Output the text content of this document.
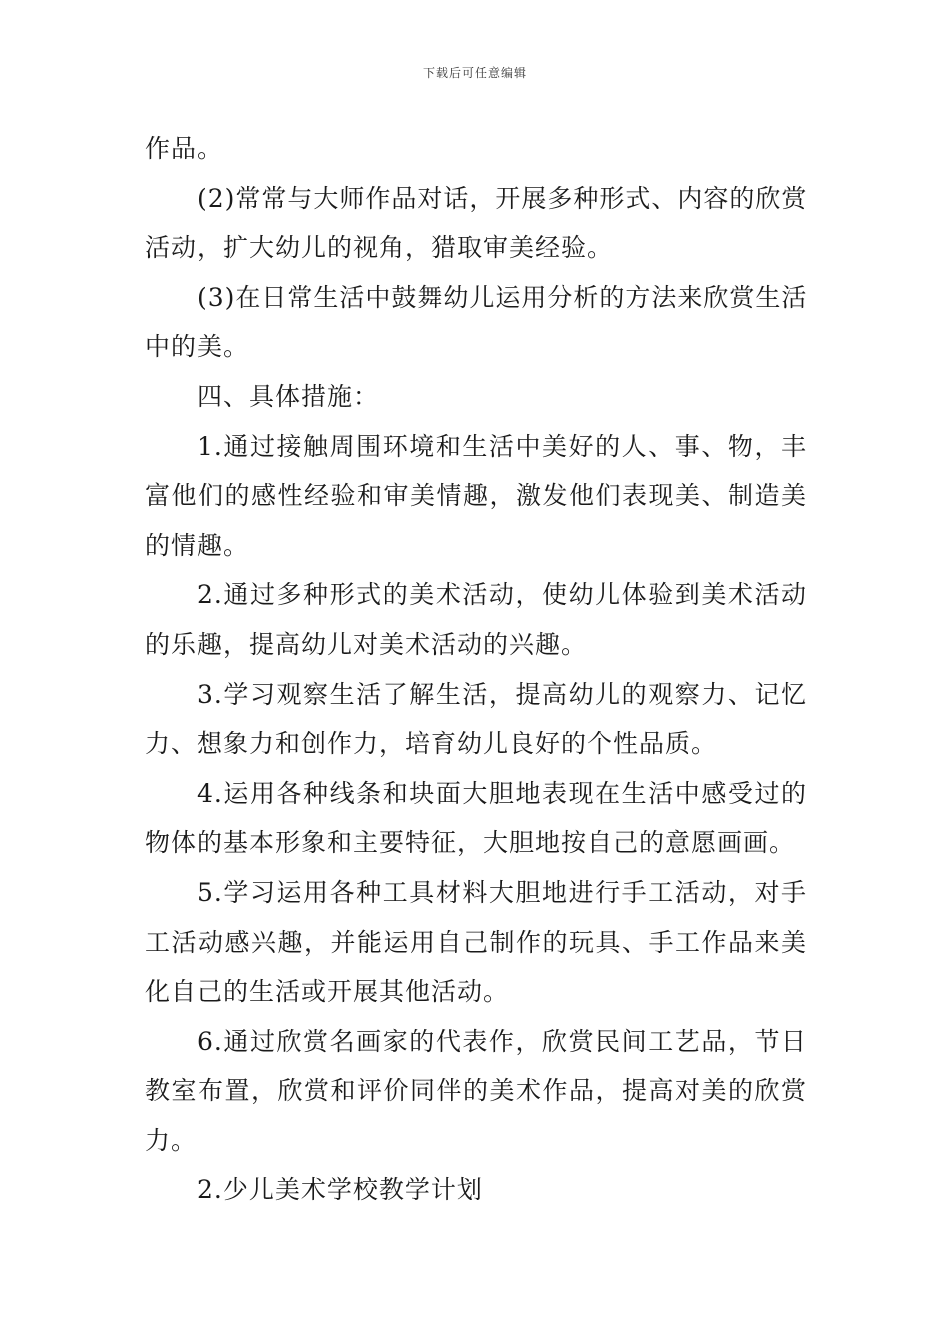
下载后可任意编辑
作品。
(2)常常与大师作品对话，开展多种形式、内容的欣赏
活动，扩大幼儿的视角，猎取审美经验。
(3)在日常生活中鼓舞幼儿运用分析的方法来欣赏生活
中的美。
四、具体措施：
1.通过接触周围环境和生活中美好的人、事、物，丰
富他们的感性经验和审美情趣，激发他们表现美、制造美
的情趣。
2.通过多种形式的美术活动，使幼儿体验到美术活动
的乐趣，提高幼儿对美术活动的兴趣。
3.学习观察生活了解生活，提高幼儿的观察力、记忆
力、想象力和创作力，培育幼儿良好的个性品质。
4.运用各种线条和块面大胆地表现在生活中感受过的
物体的基本形象和主要特征，大胆地按自己的意愿画画。
5.学习运用各种工具材料大胆地进行手工活动，对手
工活动感兴趣，并能运用自己制作的玩具、手工作品来美
化自己的生活或开展其他活动。
6.通过欣赏名画家的代表作，欣赏民间工艺品，节日
教室布置，欣赏和评价同伴的美术作品，提高对美的欣赏
力。
2.少儿美术学校教学计划
